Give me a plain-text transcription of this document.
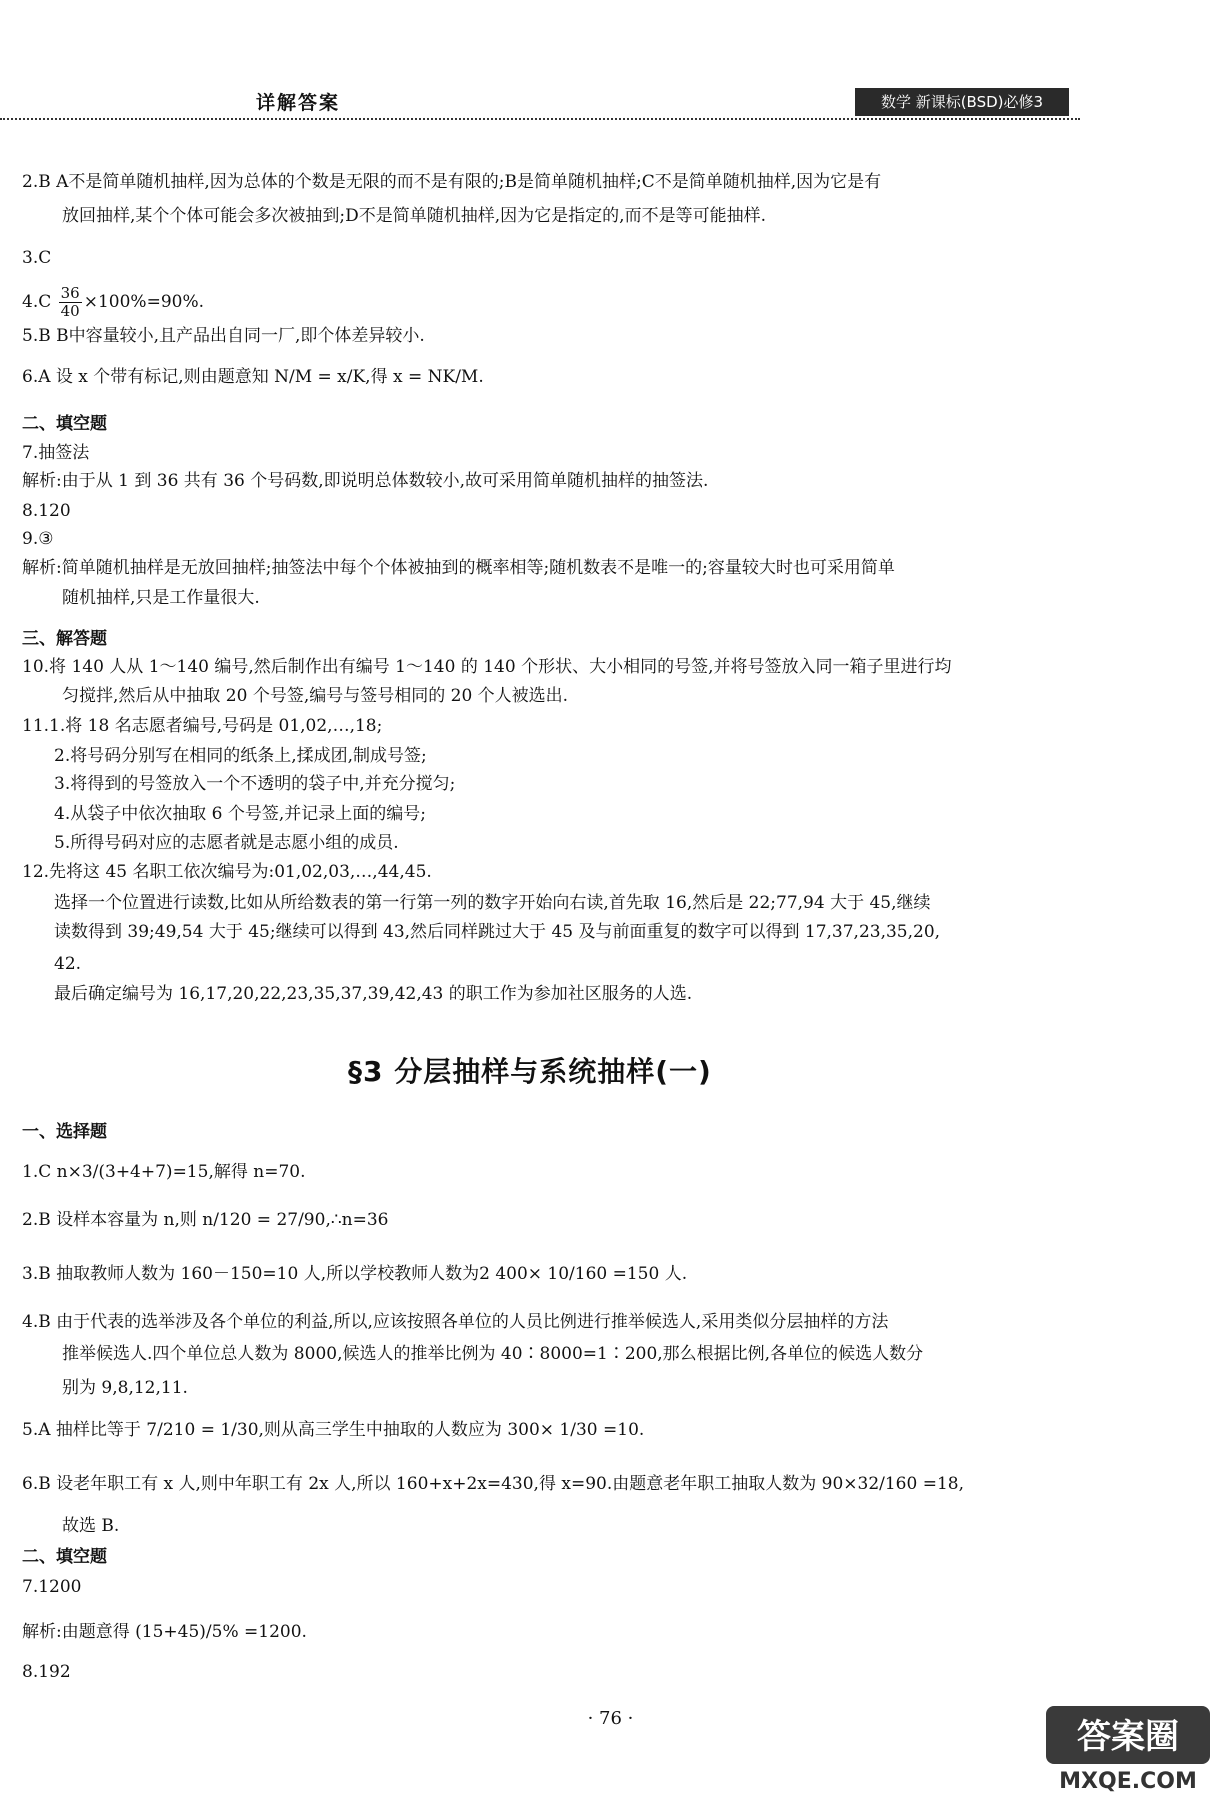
详解答案	数学 新课标(BSD)必修3
2.B A不是简单随机抽样,因为总体的个数是无限的而不是有限的;B是简单随机抽样;C不是简单随机抽样,因为它是有
放回抽样,某个个体可能会多次被抽到;D不是简单随机抽样,因为它是指定的,而不是等可能抽样.
3.C
$4.C \frac{36}{40} \times 100\%=90\%$.
5.B B中容量较小,且产品出自同一厂,即个体差异较小.
6.A 设 x 个带有标记,则由题意知 N/M = x/K,得 x = NK/M.
二、填空题
7.抽签法
解析:由于从 1 到 36 共有 36 个号码数,即说明总体数较小,故可采用简单随机抽样的抽签法.
8.120
9.③
解析:简单随机抽样是无放回抽样;抽签法中每个个体被抽到的概率相等;随机数表不是唯一的;容量较大时也可采用简单
随机抽样,只是工作量很大.
三、解答题
10.将 140 人从 1～140 编号,然后制作出有编号 1～140 的 140 个形状、大小相同的号签,并将号签放入同一箱子里进行均
匀搅拌,然后从中抽取 20 个号签,编号与签号相同的 20 个人被选出.
11.1.将 18 名志愿者编号,号码是 01,02,…,18;
2.将号码分别写在相同的纸条上,揉成团,制成号签;
3.将得到的号签放入一个不透明的袋子中,并充分搅匀;
4.从袋子中依次抽取 6 个号签,并记录上面的编号;
5.所得号码对应的志愿者就是志愿小组的成员.
12.先将这 45 名职工依次编号为:01,02,03,…,44,45.
选择一个位置进行读数,比如从所给数表的第一行第一列的数字开始向右读,首先取 16,然后是 22;77,94 大于 45,继续
读数得到 39;49,54 大于 45;继续可以得到 43,然后同样跳过大于 45 及与前面重复的数字可以得到 17,37,23,35,20,
42.
最后确定编号为 16,17,20,22,23,35,37,39,42,43 的职工作为参加社区服务的人选.
§3 分层抽样与系统抽样(一)
一、选择题
1.C n×3/(3+4+7)=15,解得 n=70.
2.B 设样本容量为 n,则 n/120 = 27/90,∴n=36
3.B 抽取教师人数为 160－150=10 人,所以学校教师人数为2 400× 10/160 =150 人.
4.B 由于代表的选举涉及各个单位的利益,所以,应该按照各单位的人员比例进行推举候选人,采用类似分层抽样的方法
推举候选人.四个单位总人数为 8000,候选人的推举比例为 40∶8000=1∶200,那么根据比例,各单位的候选人数分
别为 9,8,12,11.
5.A 抽样比等于 7/210 = 1/30,则从高三学生中抽取的人数应为 300× 1/30 =10.
6.B 设老年职工有 x 人,则中年职工有 2x 人,所以 160+x+2x=430,得 x=90.由题意老年职工抽取人数为 90×32/160 =18,
故选 B.
二、填空题
7.1200
解析:由题意得 (15+45)/5% =1200.
8.192
· 76 ·	答案圈
MXQE.COM
